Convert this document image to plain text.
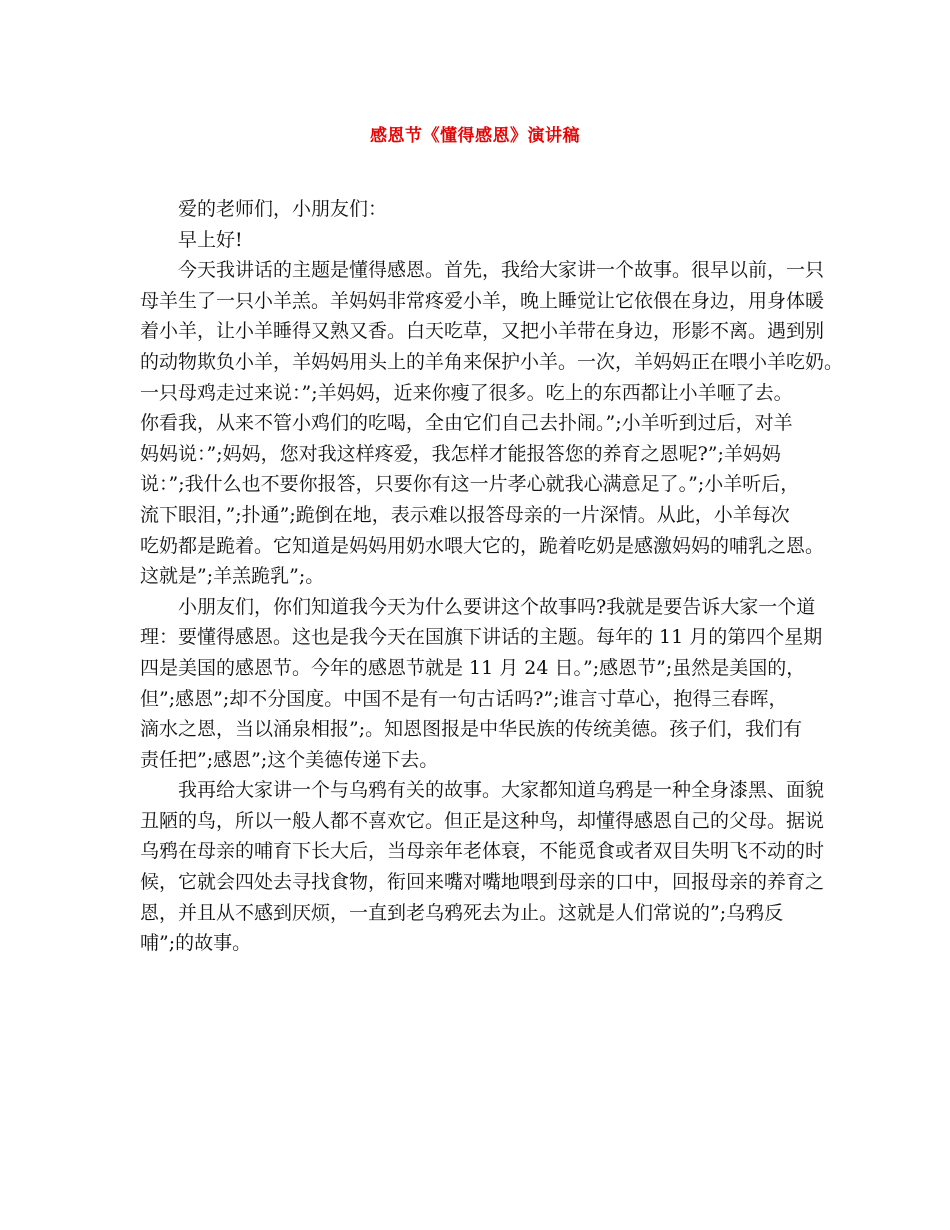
感恩节《懂得感恩》演讲稿
爱的老师们，小朋友们：
早上好!
今天我讲话的主题是懂得感恩。首先，我给大家讲一个故事。很早以前，一只
母羊生了一只小羊羔。羊妈妈非常疼爱小羊，晚上睡觉让它依偎在身边，用身体暖
着小羊，让小羊睡得又熟又香。白天吃草，又把小羊带在身边，形影不离。遇到别
的动物欺负小羊，羊妈妈用头上的羊角来保护小羊。一次，羊妈妈正在喂小羊吃奶。
一只母鸡走过来说：”;羊妈妈，近来你瘦了很多。吃上的东西都让小羊咂了去。
你看我，从来不管小鸡们的吃喝，全由它们自己去扑闹。”;小羊听到过后，对羊
妈妈说：”;妈妈，您对我这样疼爱，我怎样才能报答您的养育之恩呢?”;羊妈妈
说：”;我什么也不要你报答，只要你有这一片孝心就我心满意足了。”;小羊听后，
流下眼泪，”;扑通”;跪倒在地，表示难以报答母亲的一片深情。从此，小羊每次
吃奶都是跪着。它知道是妈妈用奶水喂大它的，跪着吃奶是感激妈妈的哺乳之恩。
这就是”;羊羔跪乳”;。
小朋友们，你们知道我今天为什么要讲这个故事吗?我就是要告诉大家一个道
理：要懂得感恩。这也是我今天在国旗下讲话的主题。每年的 11 月的第四个星期
四是美国的感恩节。今年的感恩节就是 11 月 24 日。”;感恩节”;虽然是美国的，
但”;感恩”;却不分国度。中国不是有一句古话吗?”;谁言寸草心，抱得三春晖，
滴水之恩，当以涌泉相报”;。知恩图报是中华民族的传统美德。孩子们，我们有
责任把”;感恩”;这个美德传递下去。
我再给大家讲一个与乌鸦有关的故事。大家都知道乌鸦是一种全身漆黑、面貌
丑陋的鸟，所以一般人都不喜欢它。但正是这种鸟，却懂得感恩自己的父母。据说
乌鸦在母亲的哺育下长大后，当母亲年老体衰，不能觅食或者双目失明飞不动的时
候，它就会四处去寻找食物，衔回来嘴对嘴地喂到母亲的口中，回报母亲的养育之
恩，并且从不感到厌烦，一直到老乌鸦死去为止。这就是人们常说的”;乌鸦反
哺”;的故事。
